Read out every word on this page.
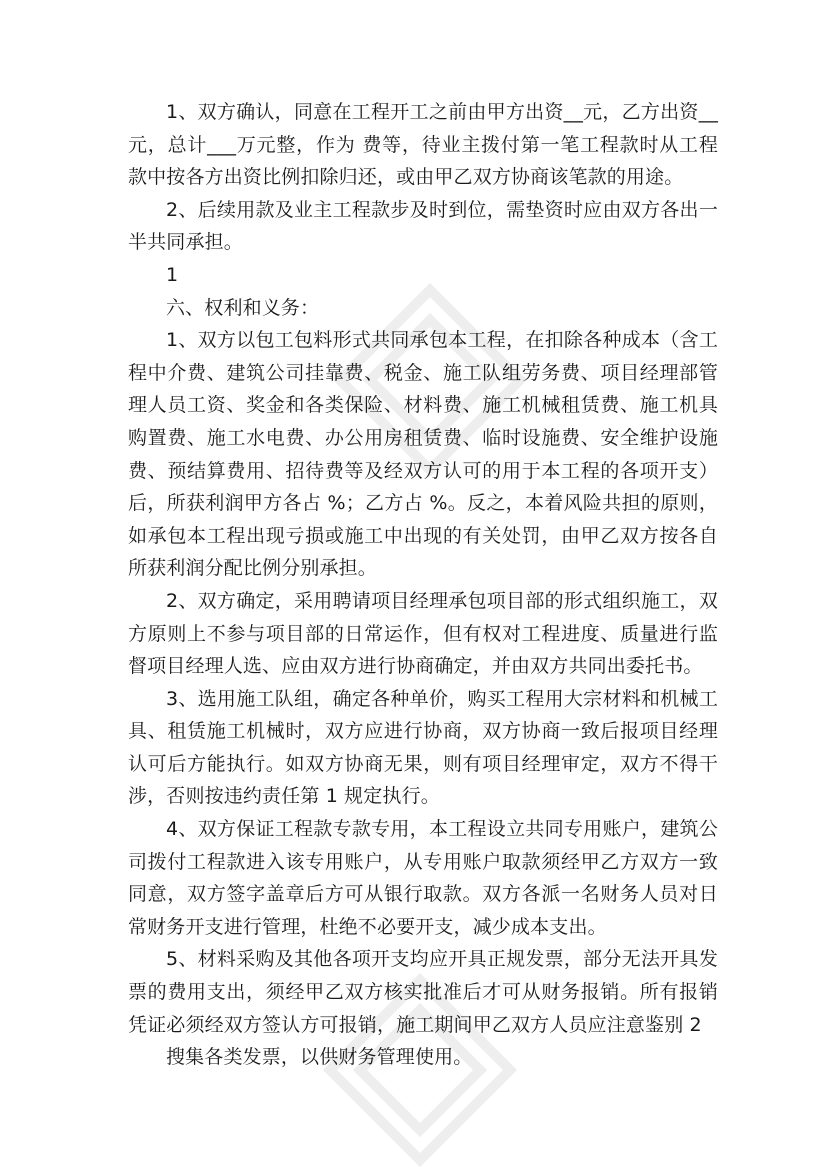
1、双方确认，同意在工程开工之前由甲方出资__元，乙方出资__元，总计___万元整，作为 费等，待业主拨付第一笔工程款时从工程款中按各方出资比例扣除归还，或由甲乙双方协商该笔款的用途。

2、后续用款及业主工程款步及时到位，需垫资时应由双方各出一半共同承担。

1

六、权利和义务：

1、双方以包工包料形式共同承包本工程，在扣除各种成本（含工程中介费、建筑公司挂靠费、税金、施工队组劳务费、项目经理部管理人员工资、奖金和各类保险、材料费、施工机械租赁费、施工机具购置费、施工水电费、办公用房租赁费、临时设施费、安全维护设施费、预结算费用、招待费等及经双方认可的用于本工程的各项开支）后，所获利润甲方各占 %；乙方占 %。反之，本着风险共担的原则，如承包本工程出现亏损或施工中出现的有关处罚，由甲乙双方按各自所获利润分配比例分别承担。

2、双方确定，采用聘请项目经理承包项目部的形式组织施工，双方原则上不参与项目部的日常运作，但有权对工程进度、质量进行监督项目经理人选、应由双方进行协商确定，并由双方共同出委托书。

3、选用施工队组，确定各种单价，购买工程用大宗材料和机械工具、租赁施工机械时，双方应进行协商，双方协商一致后报项目经理认可后方能执行。如双方协商无果，则有项目经理审定，双方不得干涉，否则按违约责任第 1 规定执行。

4、双方保证工程款专款专用，本工程设立共同专用账户，建筑公司拨付工程款进入该专用账户，从专用账户取款须经甲乙方双方一致同意，双方签字盖章后方可从银行取款。双方各派一名财务人员对日常财务开支进行管理，杜绝不必要开支，减少成本支出。

5、材料采购及其他各项开支均应开具正规发票，部分无法开具发票的费用支出，须经甲乙双方核实批准后才可从财务报销。所有报销凭证必须经双方签认方可报销，施工期间甲乙双方人员应注意鉴别 2

搜集各类发票，以供财务管理使用。
